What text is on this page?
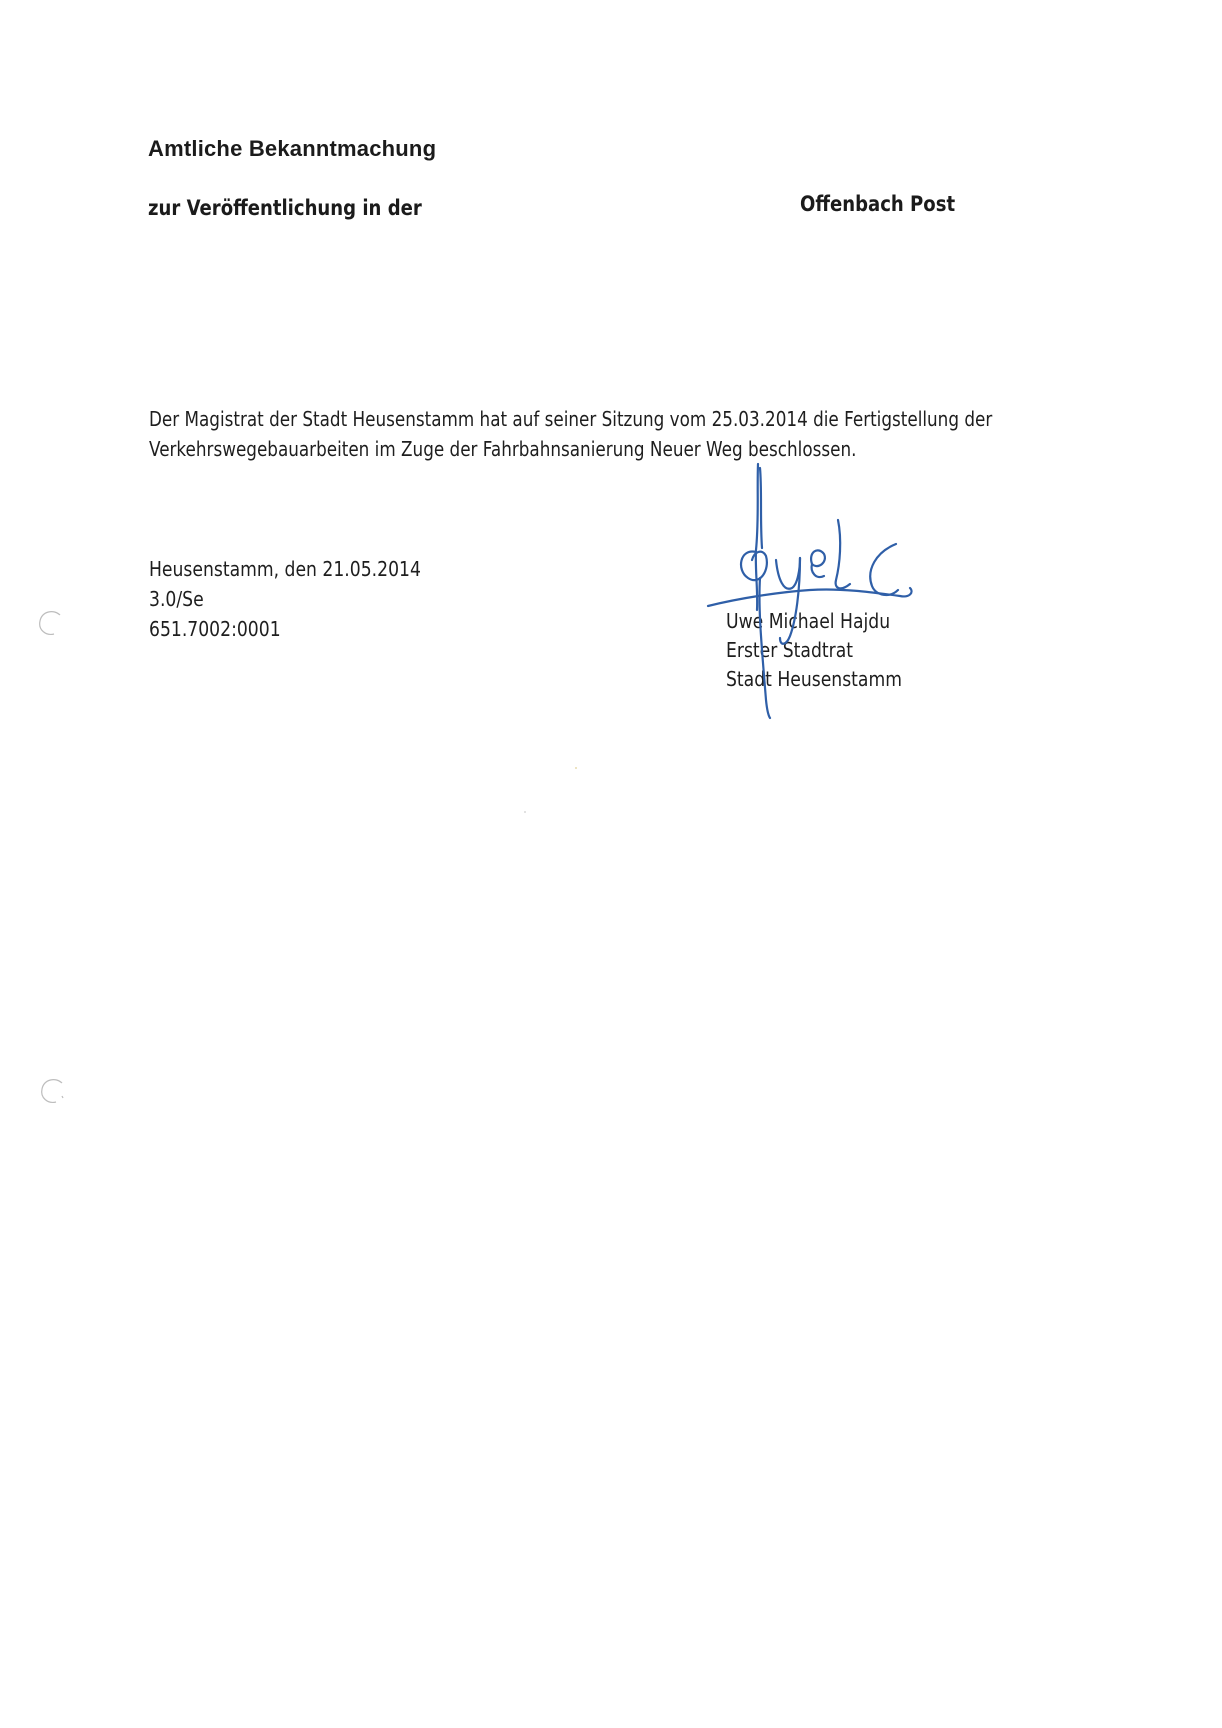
Amtliche Bekanntmachung
zur Veröffentlichung in der	Offenbach Post
Der Magistrat der Stadt Heusenstamm hat auf seiner Sitzung vom 25.03.2014 die Fertigstellung der
Verkehrswegebauarbeiten im Zuge der Fahrbahnsanierung Neuer Weg beschlossen.
Heusenstamm, den 21.05.2014
3.0/Se
651.7002:0001	Uwe Michael Hajdu
Erster Stadtrat
Stadt Heusenstamm
